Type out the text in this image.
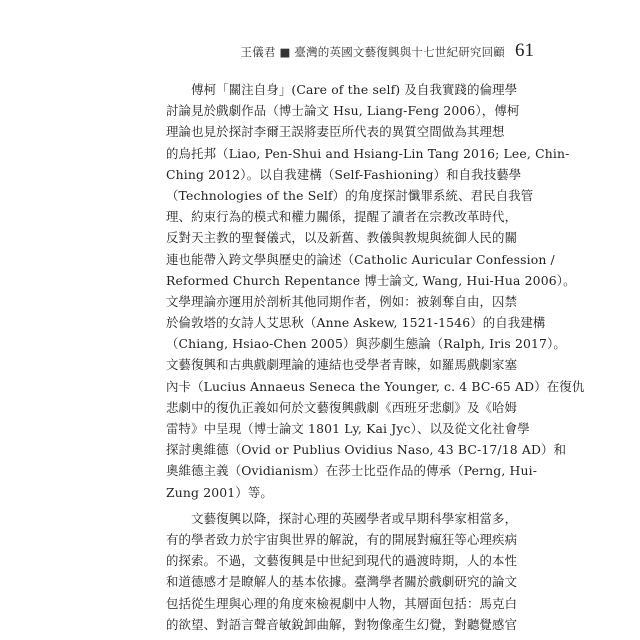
王儀君 ■ 臺灣的英國文藝復興與十七世紀研究回顧 61
　　傅柯「關注自身」(Care of the self) 及自我實踐的倫理學
討論見於戲劇作品（博士論文 Hsu, Liang-Feng 2006），傅柯
理論也見於探討李爾王誤將妻臣所代表的異質空間做為其理想
的烏托邦（Liao, Pen-Shui and Hsiang-Lin Tang 2016; Lee, Chin-
Ching 2012）。以自我建構（Self-Fashioning）和自我技藝學
（Technologies of the Self）的角度探討懺罪系統、君民自我管
理、約束行為的模式和權力關係，提醒了讀者在宗教改革時代，
反對天主教的聖餐儀式，以及新舊、教儀與教規與統御人民的關
連也能帶入跨文學與歷史的論述（Catholic Auricular Confession /
Reformed Church Repentance 博士論文, Wang, Hui-Hua 2006）。
文學理論亦運用於剖析其他同期作者，例如：被剝奪自由，囚禁
於倫敦塔的女詩人艾思秋（Anne Askew, 1521-1546）的自我建構
（Chiang, Hsiao-Chen 2005）與莎劇生態論（Ralph, Iris 2017）。
文藝復興和古典戲劇理論的連結也受學者青睞，如羅馬戲劇家塞
內卡（Lucius Annaeus Seneca the Younger, c. 4 BC-65 AD）在復仇
悲劇中的復仇正義如何於文藝復興戲劇《西班牙悲劇》及《哈姆
雷特》中呈現（博士論文 1801 Ly, Kai Jyc）、以及從文化社會學
探討奧維德（Ovid or Publius Ovidius Naso, 43 BC-17/18 AD）和
奧維德主義（Ovidianism）在莎士比亞作品的傳承（Perng, Hui-
Zung 2001）等。
　　文藝復興以降，探討心理的英國學者或早期科學家相當多，
有的學者致力於宇宙與世界的解說，有的開展對瘋狂等心理疾病
的探索。不過，文藝復興是中世紀到現代的過渡時期，人的本性
和道德感才是瞭解人的基本依據。臺灣學者關於戲劇研究的論文
包括從生理與心理的角度來檢視劇中人物，其層面包括：馬克白
的欲望、對語言聲音敏銳卸曲解，對物像產生幻覺，對聽覺感官
